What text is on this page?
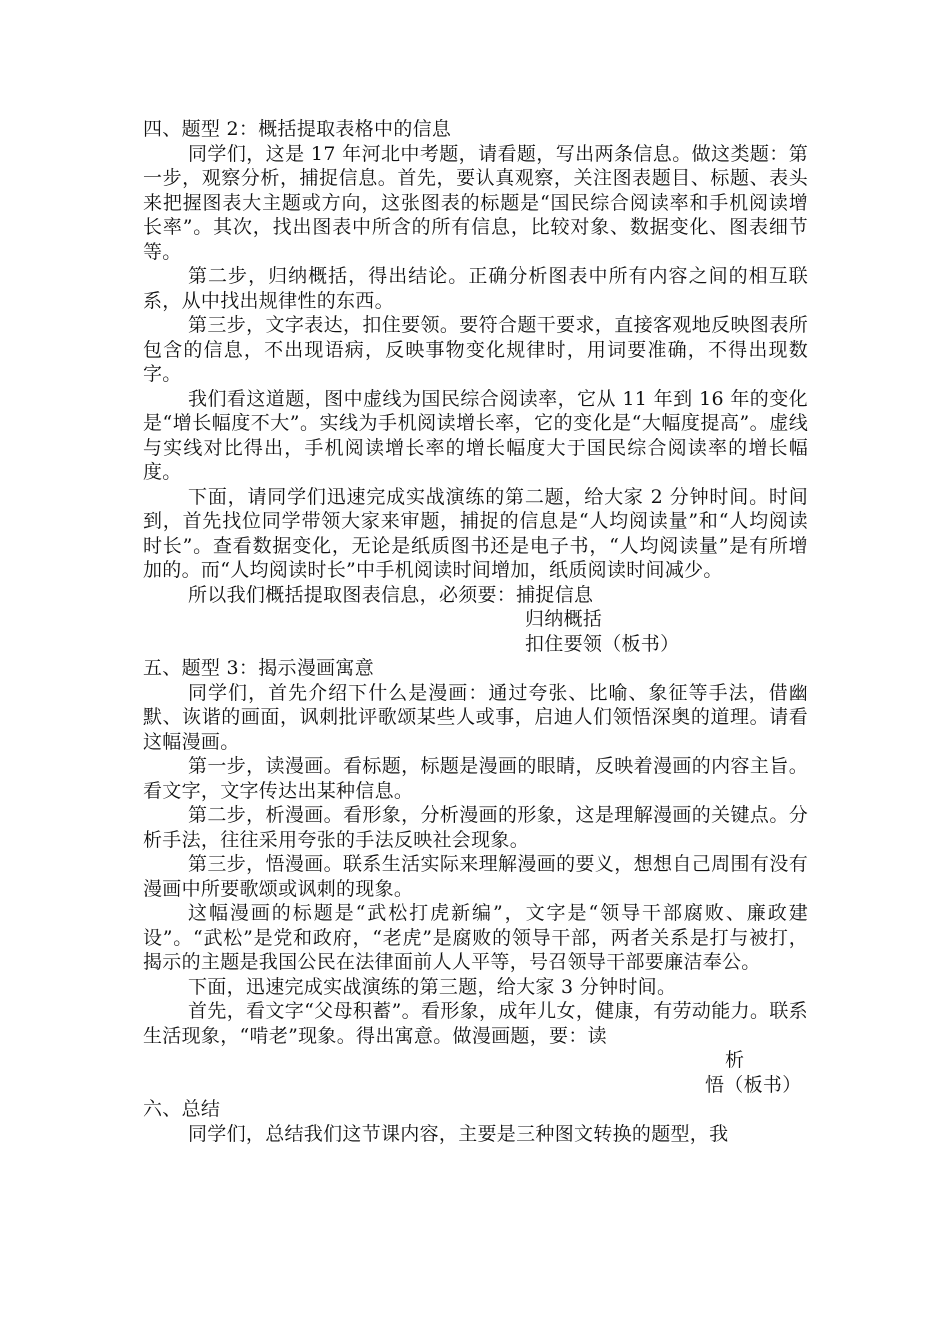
四、题型 2：概括提取表格中的信息

同学们，这是 17 年河北中考题，请看题，写出两条信息。做这类题：第一步，观察分析，捕捉信息。首先，要认真观察，关注图表题目、标题、表头来把握图表大主题或方向，这张图表的标题是“国民综合阅读率和手机阅读增长率”。其次，找出图表中所含的所有信息，比较对象、数据变化、图表细节等。

第二步，归纳概括，得出结论。正确分析图表中所有内容之间的相互联系，从中找出规律性的东西。

第三步，文字表达，扣住要领。要符合题干要求，直接客观地反映图表所包含的信息，不出现语病，反映事物变化规律时，用词要准确，不得出现数字。

我们看这道题，图中虚线为国民综合阅读率，它从 11 年到 16 年的变化是“增长幅度不大”。实线为手机阅读增长率，它的变化是“大幅度提高”。虚线与实线对比得出，手机阅读增长率的增长幅度大于国民综合阅读率的增长幅度。

下面，请同学们迅速完成实战演练的第二题，给大家 2 分钟时间。时间到，首先找位同学带领大家来审题，捕捉的信息是“人均阅读量”和“人均阅读时长”。查看数据变化，无论是纸质图书还是电子书，“人均阅读量”是有所增加的。而“人均阅读时长”中手机阅读时间增加，纸质阅读时间减少。

所以我们概括提取图表信息，必须要：捕捉信息

归纳概括

扣住要领（板书）

五、题型 3：揭示漫画寓意

同学们，首先介绍下什么是漫画：通过夸张、比喻、象征等手法，借幽默、诙谐的画面，讽刺批评歌颂某些人或事，启迪人们领悟深奥的道理。请看这幅漫画。

第一步，读漫画。看标题，标题是漫画的眼睛，反映着漫画的内容主旨。看文字，文字传达出某种信息。

第二步，析漫画。看形象，分析漫画的形象，这是理解漫画的关键点。分析手法，往往采用夸张的手法反映社会现象。

第三步，悟漫画。联系生活实际来理解漫画的要义，想想自己周围有没有漫画中所要歌颂或讽刺的现象。

这幅漫画的标题是“武松打虎新编”，文字是“领导干部腐败、廉政建设”。“武松”是党和政府，“老虎”是腐败的领导干部，两者关系是打与被打，揭示的主题是我国公民在法律面前人人平等，号召领导干部要廉洁奉公。

下面，迅速完成实战演练的第三题，给大家 3 分钟时间。

首先，看文字“父母积蓄”。看形象，成年儿女，健康，有劳动能力。联系生活现象，“啃老”现象。得出寓意。做漫画题，要：读

析

悟（板书）

六、总结

同学们，总结我们这节课内容，主要是三种图文转换的题型，我
